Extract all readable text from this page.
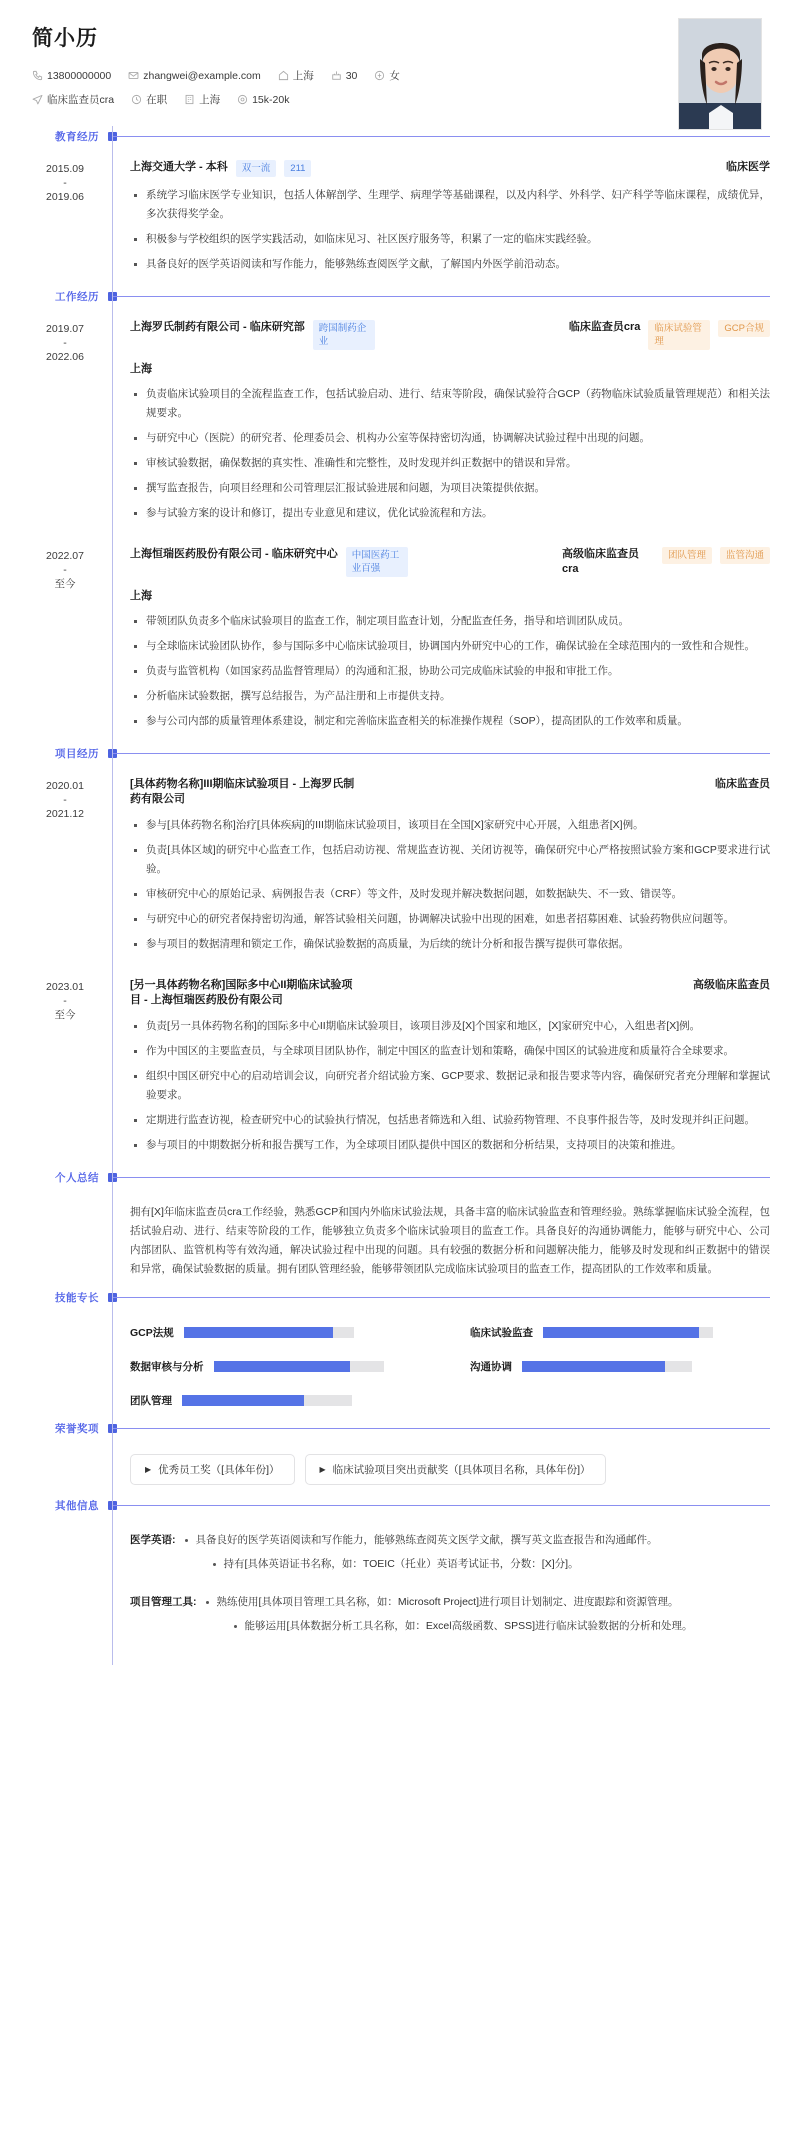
简小历
13800000000	zhangwei@example.com	上海	30	女
临床监查员cra	在职	上海	15k-20k
教育经历
2015.09
-
2019.06
上海交通大学 - 本科	双一流	211	临床医学
系统学习临床医学专业知识，包括人体解剖学、生理学、病理学等基础课程，以及内科学、外科学、妇产科学等临床课程，成绩优异，多次获得奖学金。
积极参与学校组织的医学实践活动，如临床见习、社区医疗服务等，积累了一定的临床实践经验。
具备良好的医学英语阅读和写作能力，能够熟练查阅医学文献，了解国内外医学前沿动态。
工作经历
2019.07
-
2022.06
上海罗氏制药有限公司 - 临床研究部	跨国制药企业
临床监查员cra	临床试验管理
GCP合规
上海
负责临床试验项目的全流程监查工作，包括试验启动、进行、结束等阶段，确保试验符合GCP（药物临床试验质量管理规范）和相关法规要求。
与研究中心（医院）的研究者、伦理委员会、机构办公室等保持密切沟通，协调解决试验过程中出现的问题。
审核试验数据，确保数据的真实性、准确性和完整性，及时发现并纠正数据中的错误和异常。
撰写监查报告，向项目经理和公司管理层汇报试验进展和问题，为项目决策提供依据。
参与试验方案的设计和修订，提出专业意见和建议，优化试验流程和方法。
2022.07
-
至今
上海恒瑞医药股份有限公司 - 临床研究中心	中国医药工业百强
高级临床监查员cra
团队管理	监管沟通
上海
带领团队负责多个临床试验项目的监查工作，制定项目监查计划，分配监查任务，指导和培训团队成员。
与全球临床试验团队协作，参与国际多中心临床试验项目，协调国内外研究中心的工作，确保试验在全球范围内的一致性和合规性。
负责与监管机构（如国家药品监督管理局）的沟通和汇报，协助公司完成临床试验的申报和审批工作。
分析临床试验数据，撰写总结报告，为产品注册和上市提供支持。
参与公司内部的质量管理体系建设，制定和完善临床监查相关的标准操作规程（SOP），提高团队的工作效率和质量。
项目经历
2020.01
-
2021.12
[具体药物名称]III期临床试验项目 - 上海罗氏制药有限公司
临床监查员
参与[具体药物名称]治疗[具体疾病]的III期临床试验项目，该项目在全国[X]家研究中心开展，入组患者[X]例。
负责[具体区域]的研究中心监查工作，包括启动访视、常规监查访视、关闭访视等，确保研究中心严格按照试验方案和GCP要求进行试验。
审核研究中心的原始记录、病例报告表（CRF）等文件，及时发现并解决数据问题，如数据缺失、不一致、错误等。
与研究中心的研究者保持密切沟通，解答试验相关问题，协调解决试验中出现的困难，如患者招募困难、试验药物供应问题等。
参与项目的数据清理和锁定工作，确保试验数据的高质量，为后续的统计分析和报告撰写提供可靠依据。
2023.01
-
至今
[另一具体药物名称]国际多中心II期临床试验项目 - 上海恒瑞医药股份有限公司
高级临床监查员
负责[另一具体药物名称]的国际多中心II期临床试验项目，该项目涉及[X]个国家和地区，[X]家研究中心，入组患者[X]例。
作为中国区的主要监查员，与全球项目团队协作，制定中国区的监查计划和策略，确保中国区的试验进度和质量符合全球要求。
组织中国区研究中心的启动培训会议，向研究者介绍试验方案、GCP要求、数据记录和报告要求等内容，确保研究者充分理解和掌握试验要求。
定期进行监查访视，检查研究中心的试验执行情况，包括患者筛选和入组、试验药物管理、不良事件报告等，及时发现并纠正问题。
参与项目的中期数据分析和报告撰写工作，为全球项目团队提供中国区的数据和分析结果，支持项目的决策和推进。
个人总结
拥有[X]年临床监查员cra工作经验，熟悉GCP和国内外临床试验法规，具备丰富的临床试验监查和管理经验。熟练掌握临床试验全流程，包括试验启动、进行、结束等阶段的工作，能够独立负责多个临床试验项目的监查工作。具备良好的沟通协调能力，能够与研究中心、公司内部团队、监管机构等有效沟通，解决试验过程中出现的问题。具有较强的数据分析和问题解决能力，能够及时发现和纠正数据中的错误和异常，确保试验数据的质量。拥有团队管理经验，能够带领团队完成临床试验项目的监查工作，提高团队的工作效率和质量。
技能专长
GCP法规	临床试验监查
数据审核与分析	沟通协调
团队管理
荣誉奖项
▶ 优秀员工奖（[具体年份]）	▶ 临床试验项目突出贡献奖（[具体项目名称，具体年份]）
其他信息
医学英语:	具备良好的医学英语阅读和写作能力，能够熟练查阅英文医学文献，撰写英文监查报告和沟通邮件。
持有[具体英语证书名称，如：TOEIC（托业）英语考试证书，分数：[X]分]。
项目管理工具:	熟练使用[具体项目管理工具名称，如：Microsoft Project]进行项目计划制定、进度跟踪和资源管理。
能够运用[具体数据分析工具名称，如：Excel高级函数、SPSS]进行临床试验数据的分析和处理。
